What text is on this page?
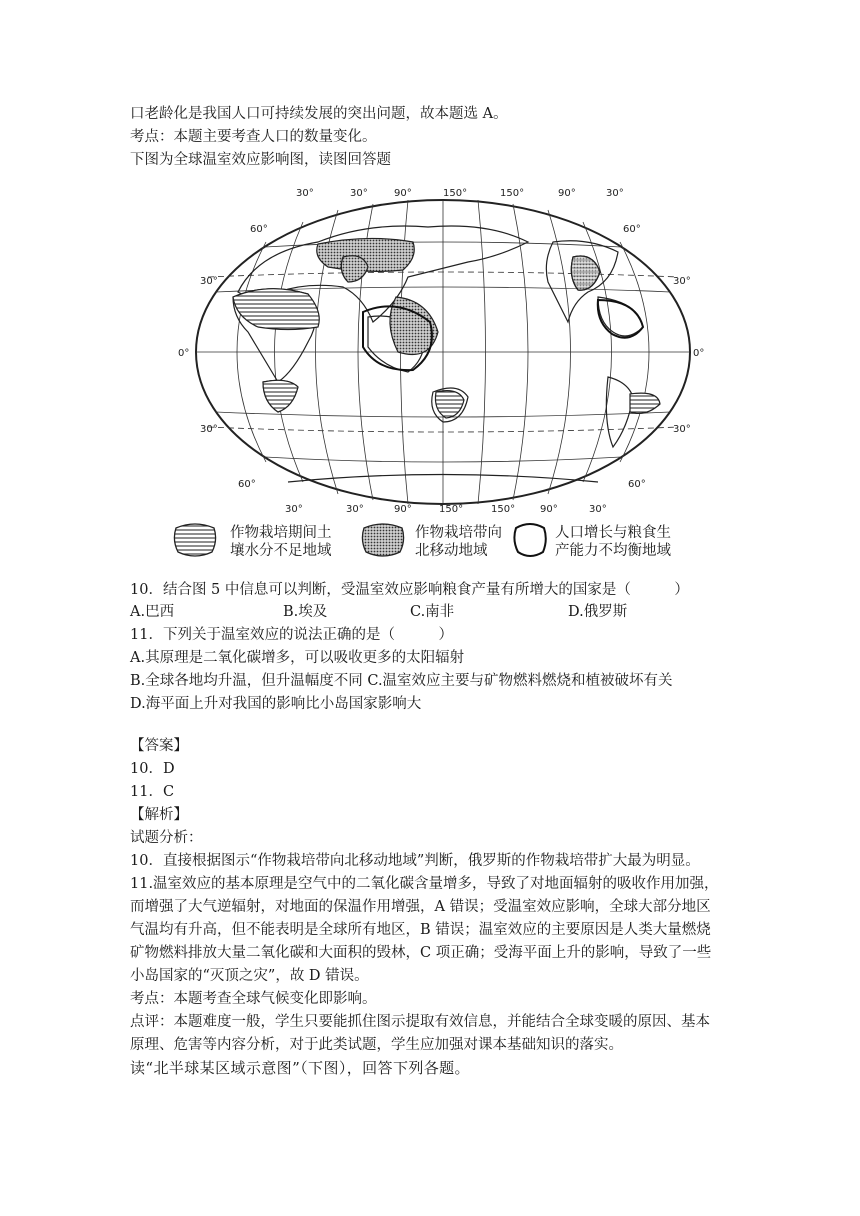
口老龄化是我国人口可持续发展的突出问题，故本题选 A。
考点：本题主要考查人口的数量变化。
下图为全球温室效应影响图，读图回答题
30°	30°	90°	150°	150°	90°	30°
30°	30°	90°	150°	150° 90°	30°
60°
30°
0°
30°
60°
60°
30°
0°
30°
60°
作物栽培期间土
壤水分不足地域
作物栽培带向
北移动地域
人口增长与粮食生
产能力不均衡地域
10．结合图 5 中信息可以判断，受温室效应影响粮食产量有所增大的国家是（　　　）
A.巴西	B.埃及	C.南非	D.俄罗斯
11．下列关于温室效应的说法正确的是（　　　）
A.其原理是二氧化碳增多，可以吸收更多的太阳辐射
B.全球各地均升温，但升温幅度不同 C.温室效应主要与矿物燃料燃烧和植被破坏有关
D.海平面上升对我国的影响比小岛国家影响大
【答案】
10．D
11．C
【解析】
试题分析：
10．直接根据图示“作物栽培带向北移动地域”判断，俄罗斯的作物栽培带扩大最为明显。
11.温室效应的基本原理是空气中的二氧化碳含量增多，导致了对地面辐射的吸收作用加强，
而增强了大气逆辐射，对地面的保温作用增强，A 错误；受温室效应影响，全球大部分地区
气温均有升高，但不能表明是全球所有地区，B 错误；温室效应的主要原因是人类大量燃烧
矿物燃料排放大量二氧化碳和大面积的毁林，C 项正确；受海平面上升的影响，导致了一些
小岛国家的“灭顶之灾”，故 D 错误。
考点：本题考查全球气候变化即影响。
点评：本题难度一般，学生只要能抓住图示提取有效信息，并能结合全球变暖的原因、基本
原理、危害等内容分析，对于此类试题，学生应加强对课本基础知识的落实。
读“北半球某区域示意图”（下图），回答下列各题。
